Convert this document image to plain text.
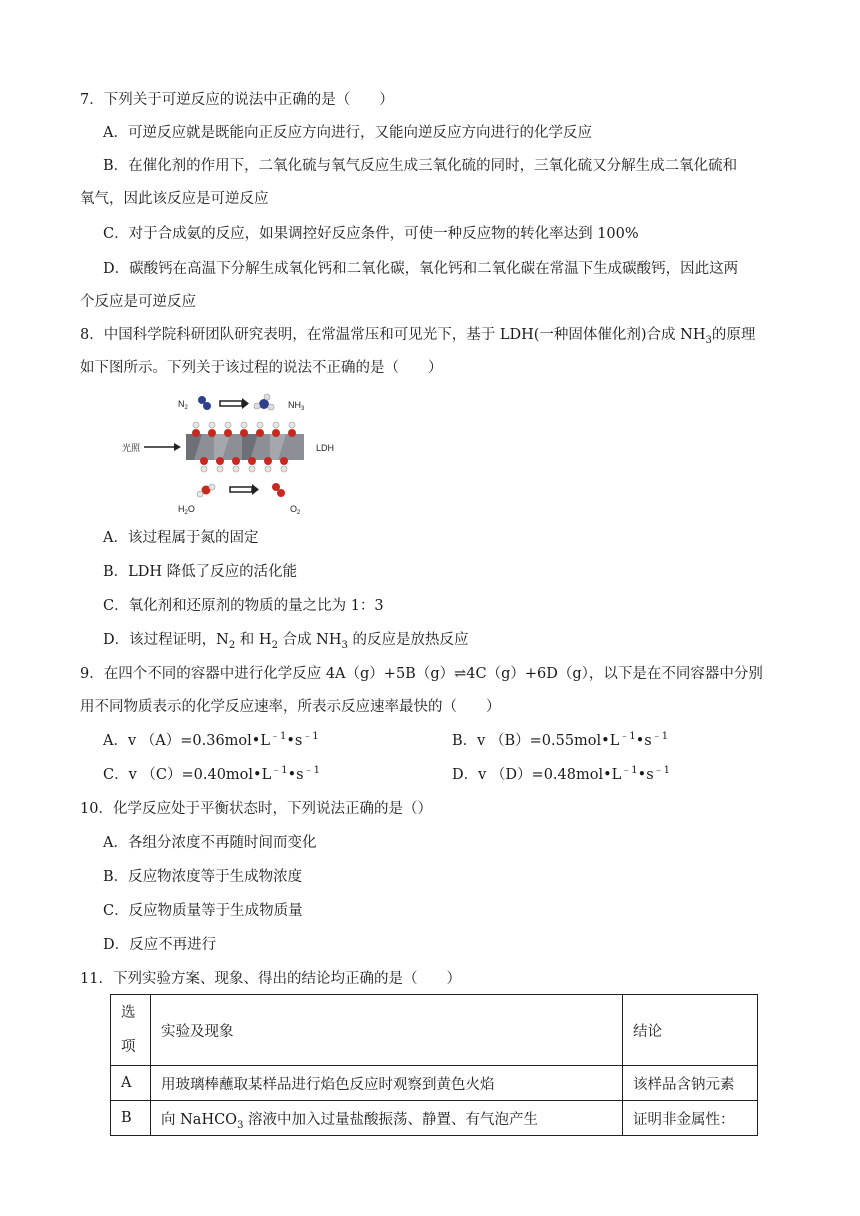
7．下列关于可逆反应的说法中正确的是（　　）
A．可逆反应就是既能向正反应方向进行，又能向逆反应方向进行的化学反应
B．在催化剂的作用下，二氧化硫与氧气反应生成三氧化硫的同时，三氧化硫又分解生成二氧化硫和
氧气，因此该反应是可逆反应
C．对于合成氨的反应，如果调控好反应条件，可使一种反应物的转化率达到 100%
D．碳酸钙在高温下分解生成氧化钙和二氧化碳，氧化钙和二氧化碳在常温下生成碳酸钙，因此这两
个反应是可逆反应
8．中国科学院科研团队研究表明，在常温常压和可见光下，基于 LDH(一种固体催化剂)合成 $NH_3$的原理
如下图所示。下列关于该过程的说法不正确的是（　　）
$N_2$	$NH_3$
光照	LDH
$H_2O$	$O_2$
A．该过程属于氮的固定
B．LDH 降低了反应的活化能
C．氧化剂和还原剂的物质的量之比为 1：3
D．该过程证明，$N_2$ 和 $H_2$ 合成 $NH_3$ 的反应是放热反应
9．在四个不同的容器中进行化学反应 4A（g）+5B（g）⇌4C（g）+6D（g），以下是在不同容器中分别
用不同物质表示的化学反应速率，所表示反应速率最快的（　　）
A．v $(A)=0.36mol•L^{﹣1}•s^{﹣1}$	B．v $(B)=0.55mol•L^{﹣1}•s^{﹣1}$
C．v $(C)=0.40mol•L^{﹣1}•s^{﹣1}$	D．v $(D)=0.48mol•L^{﹣1}•s^{﹣1}$
10．化学反应处于平衡状态时，下列说法正确的是（）
A．各组分浓度不再随时间而变化
B．反应物浓度等于生成物浓度
C．反应物质量等于生成物质量
D．反应不再进行
11．下列实验方案、现象、得出的结论均正确的是（　　）
选
项	实验及现象	结论
A	用玻璃棒蘸取某样品进行焰色反应时观察到黄色火焰	该样品含钠元素
B	向 NaHCO$_3$ 溶液中加入过量盐酸振荡、静置、有气泡产生	证明非金属性：
